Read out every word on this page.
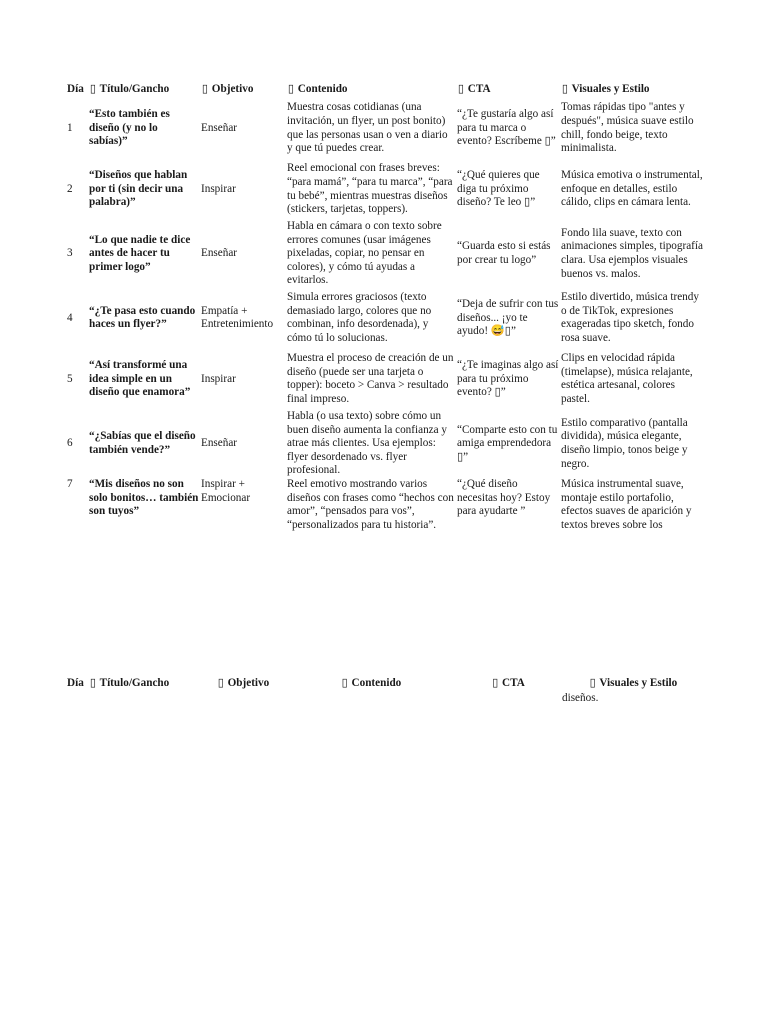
Día	▯ Título/Gancho	▯ Objetivo	▯ Contenido	▯ CTA	▯ Visuales y Estilo
1	“Esto también es diseño (y no lo sabías)”	Enseñar	Muestra cosas cotidianas (una invitación, un flyer, un post bonito) que las personas usan o ven a diario y que tú puedes crear.	“¿Te gustaría algo así para tu marca o evento? Escríbeme ▯”	Tomas rápidas tipo "antes y después", música suave estilo chill, fondo beige, texto minimalista.
2	“Diseños que hablan por ti (sin decir una palabra)”	Inspirar	Reel emocional con frases breves: “para mamá”, “para tu marca”, “para tu bebé”, mientras muestras diseños (stickers, tarjetas, toppers).	“¿Qué quieres que diga tu próximo diseño? Te leo ▯”	Música emotiva o instrumental, enfoque en detalles, estilo cálido, clips en cámara lenta.
3	“Lo que nadie te dice antes de hacer tu primer logo”	Enseñar	Habla en cámara o con texto sobre errores comunes (usar imágenes pixeladas, copiar, no pensar en colores), y cómo tú ayudas a evitarlos.	“Guarda esto si estás por crear tu logo”	Fondo lila suave, texto con animaciones simples, tipografía clara. Usa ejemplos visuales buenos vs. malos.
4	“¿Te pasa esto cuando haces un flyer?”	Empatía + Entretenimiento	Simula errores graciosos (texto demasiado largo, colores que no combinan, info desordenada), y cómo tú lo solucionas.	“Deja de sufrir con tus diseños... ¡yo te ayudo! 😅▯”	Estilo divertido, música trendy o de TikTok, expresiones exageradas tipo sketch, fondo rosa suave.
5	“Así transformé una idea simple en un diseño que enamora”	Inspirar	Muestra el proceso de creación de un diseño (puede ser una tarjeta o topper): boceto > Canva > resultado final impreso.	“¿Te imaginas algo así para tu próximo evento? ▯”	Clips en velocidad rápida (timelapse), música relajante, estética artesanal, colores pastel.
6	“¿Sabías que el diseño también vende?”	Enseñar	Habla (o usa texto) sobre cómo un buen diseño aumenta la confianza y atrae más clientes. Usa ejemplos: flyer desordenado vs. flyer profesional.	“Comparte esto con tu amiga emprendedora ▯”	Estilo comparativo (pantalla dividida), música elegante, diseño limpio, tonos beige y negro.
7	“Mis diseños no son solo bonitos… también son tuyos”	Inspirar + Emocionar	Reel emotivo mostrando varios diseños con frases como “hechos con amor”, “pensados para vos”, “personalizados para tu historia”.	“¿Qué diseño necesitas hoy? Estoy para ayudarte ”	Música instrumental suave, montaje estilo portafolio, efectos suaves de aparición y textos breves sobre los
Día	▯ Título/Gancho	▯ Objetivo	▯ Contenido	▯ CTA	▯ Visuales y Estilo
diseños.
